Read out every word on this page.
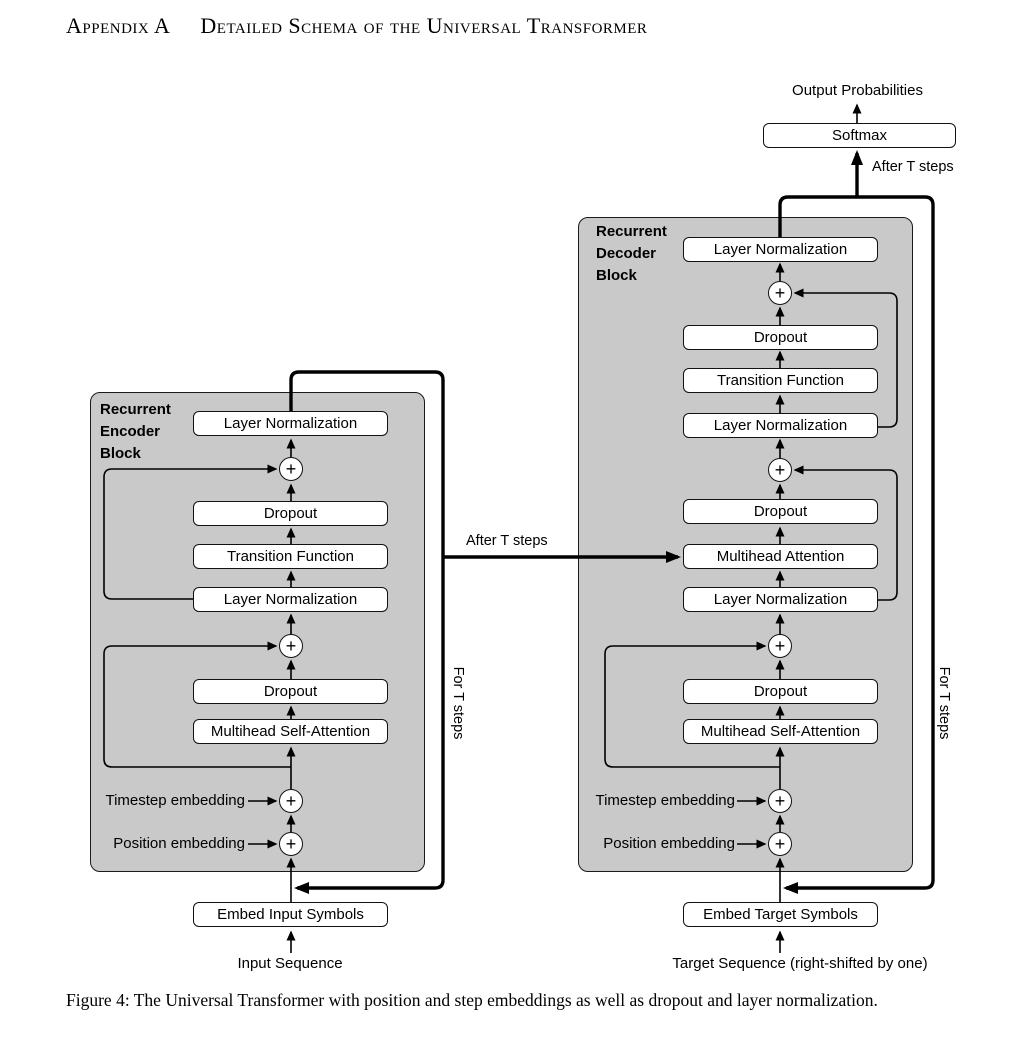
Appendix A Detailed Schema of the Universal Transformer
Recurrent
Encoder
Block
Recurrent
Decoder
Block
Output Probabilities
Softmax
After T steps
After T steps
For T steps	For T steps
Layer Normalization
Dropout
Transition Function
Layer Normalization
Dropout
Multihead Self-Attention
+
+
+
+
Timestep embedding
Position embedding
Embed Input Symbols
Input Sequence
Layer Normalization
Dropout
Transition Function
Layer Normalization
Dropout
Multihead Attention
Layer Normalization
Dropout
Multihead Self-Attention
+
+
+
+
+
Timestep embedding
Position embedding
Embed Target Symbols
Target Sequence (right-shifted by one)
Figure 4: The Universal Transformer with position and step embeddings as well as dropout and layer normalization.
